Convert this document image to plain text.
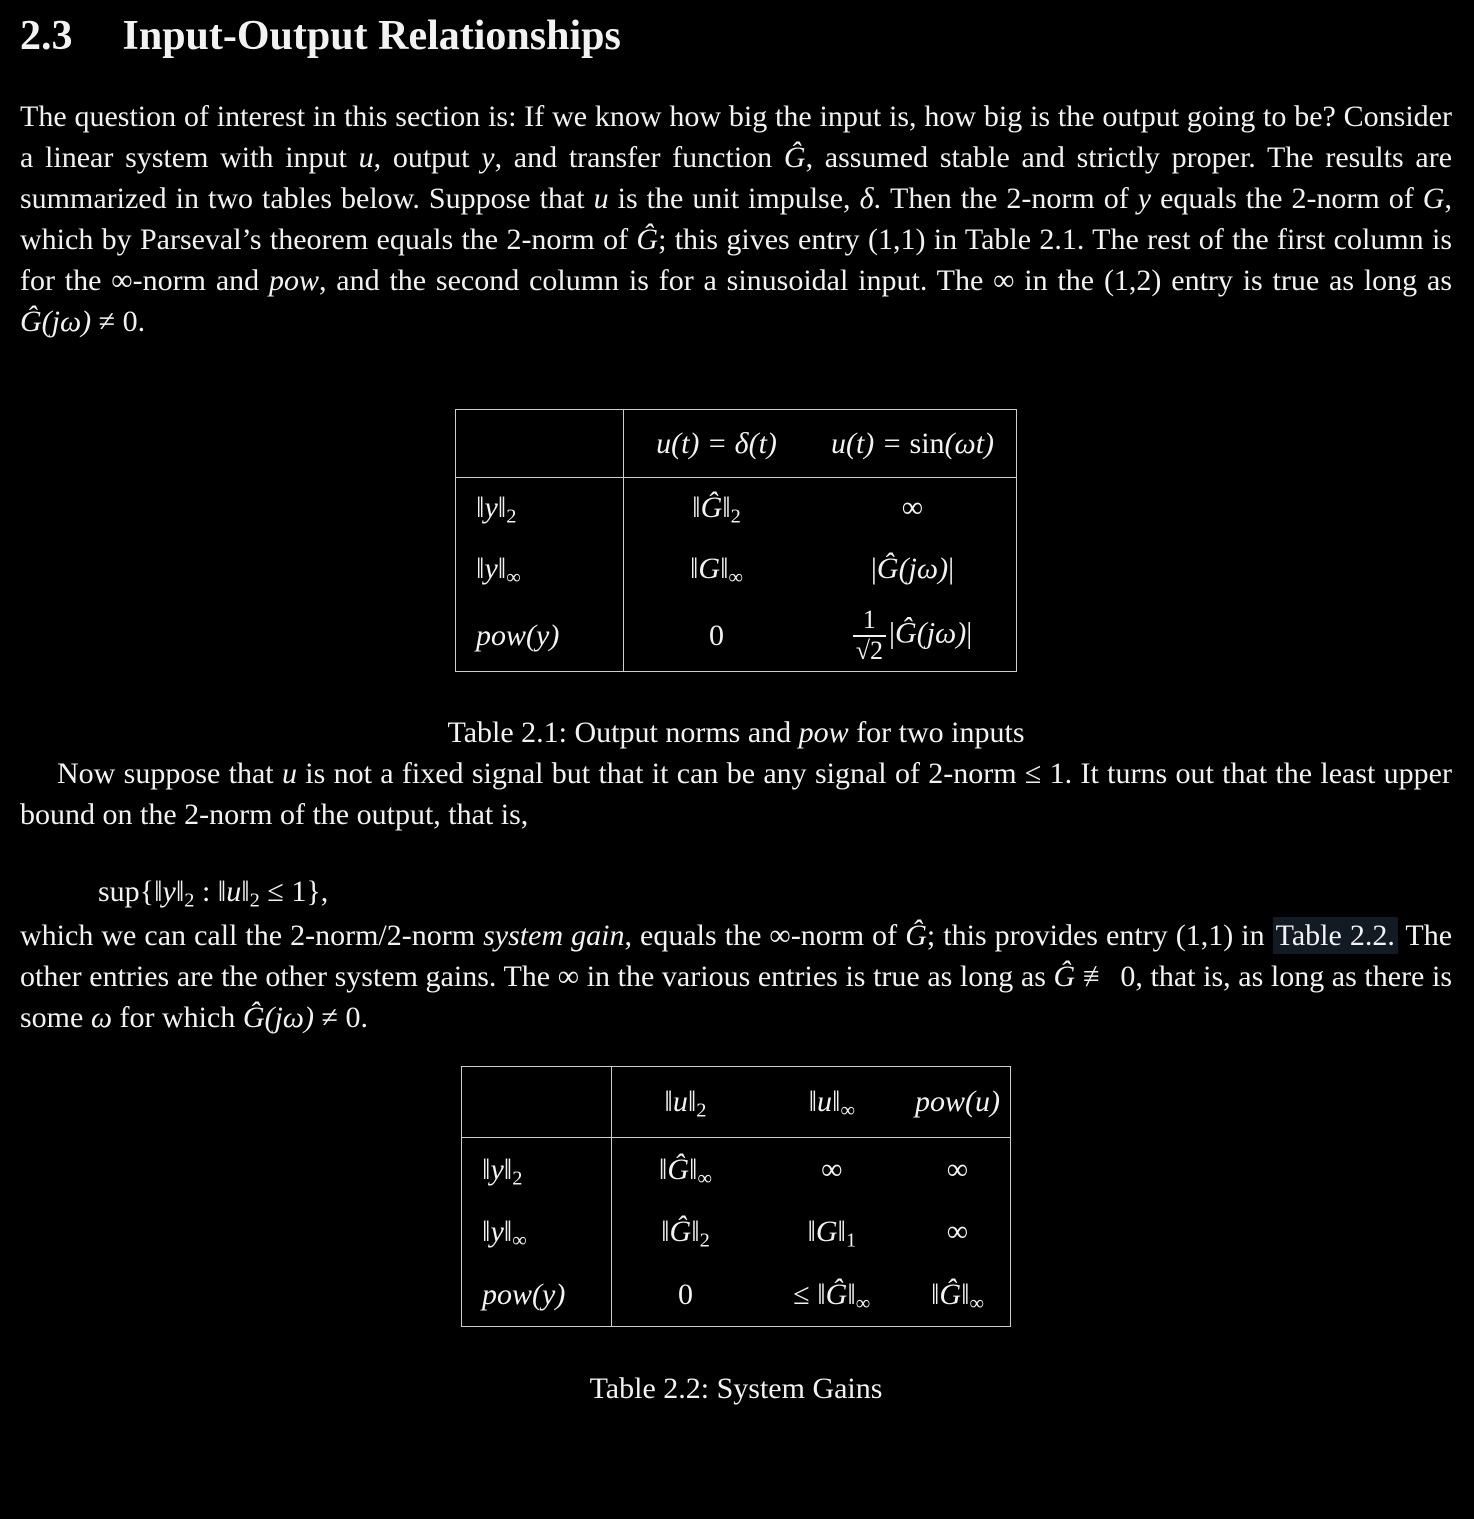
2.3 Input-Output Relationships

The question of interest in this section is: If we know how big the input is, how big is the output going to be? Consider a linear system with input u, output y, and transfer function Ĝ, assumed stable and strictly proper. The results are summarized in two tables below. Suppose that u is the unit impulse, δ. Then the 2-norm of y equals the 2-norm of G, which by Parseval’s theorem equals the 2-norm of Ĝ; this gives entry (1,1) in Table 2.1. The rest of the first column is for the ∞-norm and pow, and the second column is for a sinusoidal input. The ∞ in the (1,2) entry is true as long as Ĝ(jω) ≠ 0.

	u(t) = δ(t)	u(t) = sin(ωt)
‖y‖2	‖Ĝ‖2	∞
‖y‖∞	‖G‖∞	|Ĝ(jω)|
pow(y)	0	$\frac{1}{√2}$ |Ĝ(jω)|

Table 2.1: Output norms and pow for two inputs

Now suppose that u is not a fixed signal but that it can be any signal of 2-norm ≤ 1. It turns out that the least upper bound on the 2-norm of the output, that is,

sup{‖y‖2 : ‖u‖2 ≤ 1},

which we can call the 2-norm/2-norm system gain, equals the ∞-norm of Ĝ; this provides entry (1,1) in Table 2.2. The other entries are the other system gains. The ∞ in the various entries is true as long as Ĝ ≢ 0, that is, as long as there is some ω for which Ĝ(jω) ≠ 0.

	‖u‖2	‖u‖∞	pow(u)
‖y‖2	‖Ĝ‖∞	∞	∞
‖y‖∞	‖Ĝ‖2	‖G‖1	∞
pow(y)	0	≤ ‖Ĝ‖∞	‖Ĝ‖∞

Table 2.2: System Gains
